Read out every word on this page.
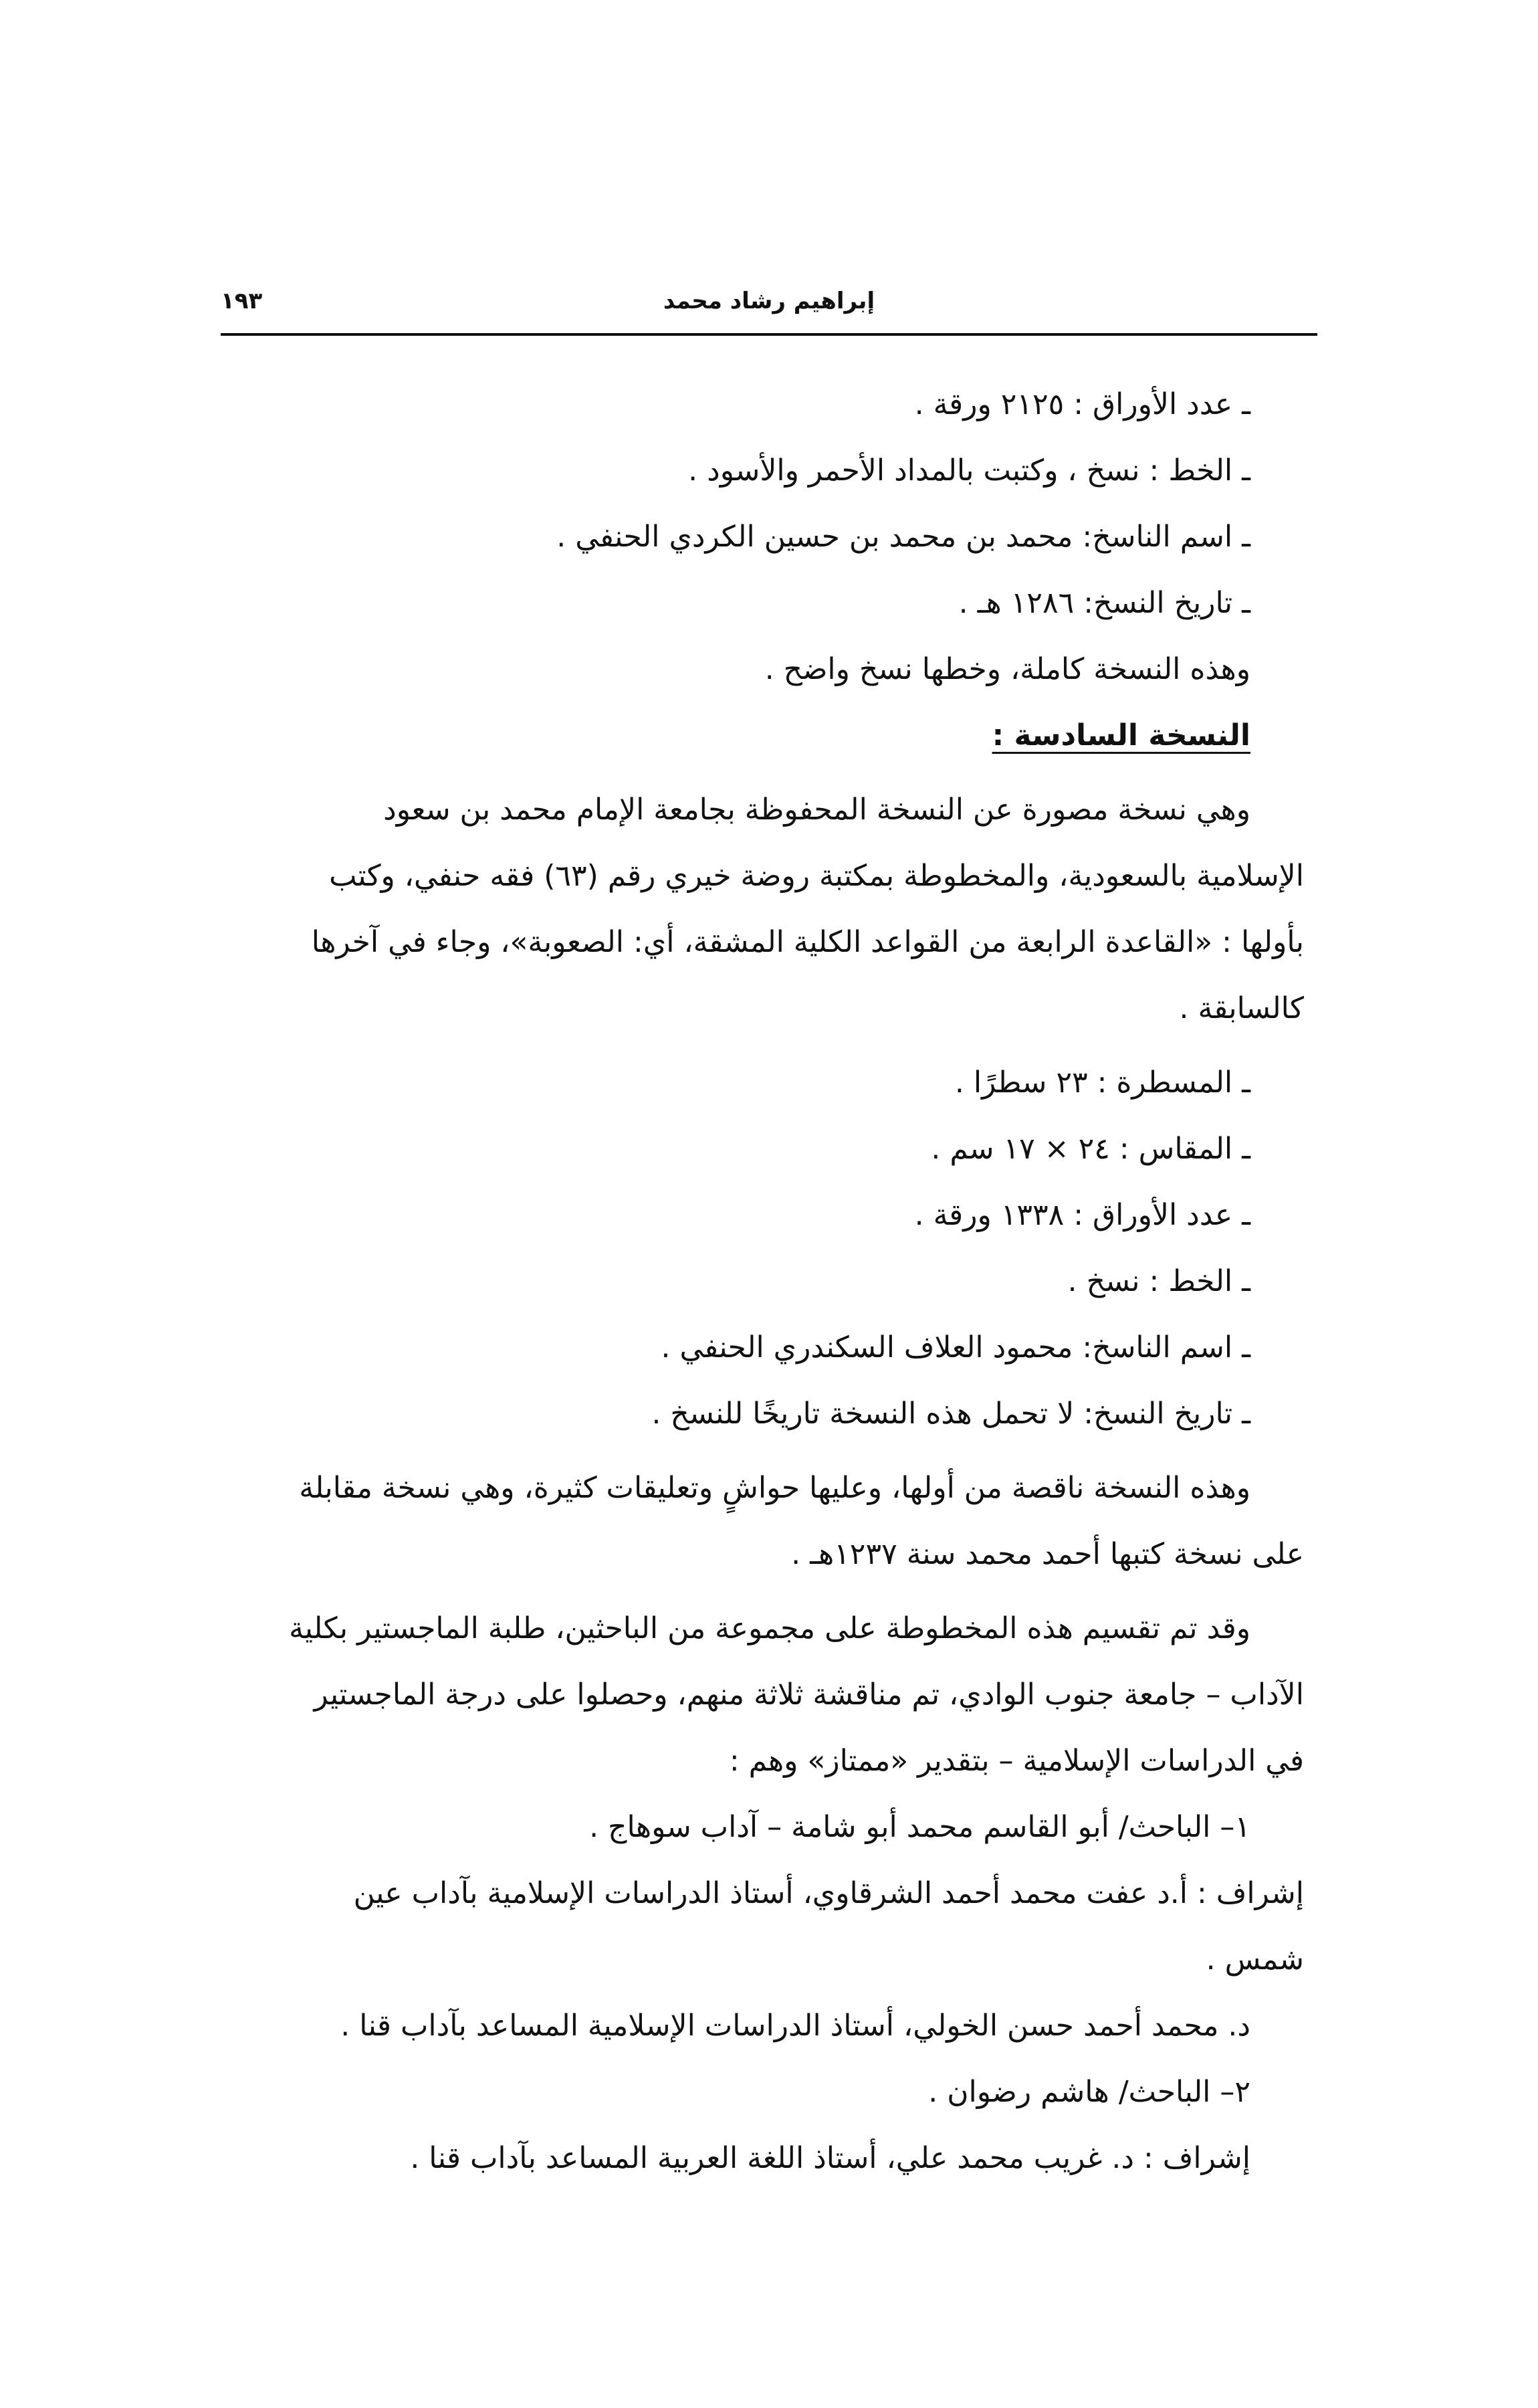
١٩٣	إبراهيم رشاد محمد
ـ عدد الأوراق : ٢١٢٥ ورقة .
ـ الخط : نسخ ، وكتبت بالمداد الأحمر والأسود .
ـ اسم الناسخ: محمد بن محمد بن حسين الكردي الحنفي .
ـ تاريخ النسخ: ١٢٨٦ هـ .
وهذه النسخة كاملة، وخطها نسخ واضح .
النسخة السادسة :
وهي نسخة مصورة عن النسخة المحفوظة بجامعة الإمام محمد بن سعود
الإسلامية بالسعودية، والمخطوطة بمكتبة روضة خيري رقم (٦٣) فقه حنفي، وكتب
بأولها : «القاعدة الرابعة من القواعد الكلية المشقة، أي: الصعوبة»، وجاء في آخرها
كالسابقة .
ـ المسطرة : ٢٣ سطرًا .
ـ المقاس : ٢٤ × ١٧ سم .
ـ عدد الأوراق : ١٣٣٨ ورقة .
ـ الخط : نسخ .
ـ اسم الناسخ: محمود العلاف السكندري الحنفي .
ـ تاريخ النسخ: لا تحمل هذه النسخة تاريخًا للنسخ .
وهذه النسخة ناقصة من أولها، وعليها حواشٍ وتعليقات كثيرة، وهي نسخة مقابلة
على نسخة كتبها أحمد محمد سنة ١٢٣٧هـ .
وقد تم تقسيم هذه المخطوطة على مجموعة من الباحثين، طلبة الماجستير بكلية
الآداب – جامعة جنوب الوادي، تم مناقشة ثلاثة منهم، وحصلوا على درجة الماجستير
في الدراسات الإسلامية – بتقدير «ممتاز» وهم :
١– الباحث/ أبو القاسم محمد أبو شامة – آداب سوهاج .
إشراف : أ.د عفت محمد أحمد الشرقاوي، أستاذ الدراسات الإسلامية بآداب عين
شمس .
د. محمد أحمد حسن الخولي، أستاذ الدراسات الإسلامية المساعد بآداب قنا .
٢– الباحث/ هاشم رضوان .
إشراف : د. غريب محمد علي، أستاذ اللغة العربية المساعد بآداب قنا .
